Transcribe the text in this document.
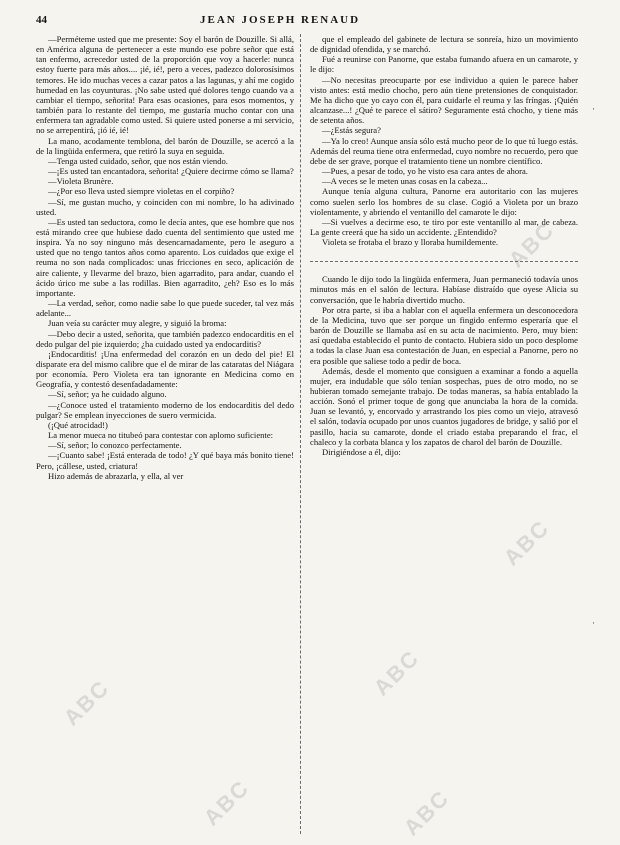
44	JEAN JOSEPH RENAUD

—Perméteme usted que me presente: Soy el barón de Douzille. Si allá, en América alguna de pertenecer a este mundo ese pobre señor que está tan enfermo, acrecedor usted de la proporción que voy a hacerle: nunca estoy fuerte para más años.... ¡ié, ié!, pero a veces, padezco dolorosísimos temores. He ido muchas veces a cazar patos a las lagunas, y ahí me cogido humedad en las coyunturas. ¡No sabe usted qué dolores tengo cuando va a cambiar el tiempo, señorita! Para esas ocasiones, para esos momentos, y también para lo restante del tiempo, me gustaría mucho contar con una enfermera tan agradable como usted. Si quiere usted ponerse a mi servicio, no se arrepentirá, ¡ió ié, ié!

La mano, acodamente temblona, del barón de Douzille, se acercó a la de la lingüida enfermera, que retiró la suya en seguida.

—Tenga usted cuidado, señor, que nos están viendo.

—¡Es usted tan encantadora, señorita! ¿Quiere decirme cómo se llama?

—Violeta Brunère.

—¿Por eso lleva usted siempre violetas en el corpiño?

—Sí, me gustan mucho, y coinciden con mi nombre, lo ha adivinado usted.

—Es usted tan seductora, como le decía antes, que ese hombre que nos está mirando cree que hubiese dado cuenta del sentimiento que usted me inspira. Ya no soy ninguno más desencarnadamente, pero le aseguro a usted que no tengo tantos años como aparento. Los cuidados que exige el reuma no son nada complicados: unas fricciones en seco, aplicación de aire caliente, y llevarme del brazo, bien agarradito, para andar, cuando el ácido úrico me sube a las rodillas. Bien agarradito, ¿eh? Eso es lo más importante.

—La verdad, señor, como nadie sabe lo que puede suceder, tal vez más adelante...

Juan veía su carácter muy alegre, y siguió la broma:

—Debo decir a usted, señorita, que también padezco endocarditis en el dedo pulgar del pie izquierdo; ¿ha cuidado usted ya endocarditis?

¡Endocarditis! ¡Una enfermedad del corazón en un dedo del pie! El disparate era del mismo calibre que el de mirar de las cataratas del Niágara por economía. Pero Violeta era tan ignorante en Medicina como en Geografía, y contestó desenfadadamente:

—Sí, señor; ya he cuidado alguno.

—¿Conoce usted el tratamiento moderno de los endocarditis del dedo pulgar? Se emplean inyecciones de suero vermicida.

(¡Qué atrocidad!)

La menor mueca no titubeó para contestar con aplomo suficiente:

—Sí, señor; lo conozco perfectamente.

—¡Cuanto sabe! ¡Está enterada de todo! ¿Y qué baya más bonito tiene! Pero, ¡cállese, usted, criatura!

Hizo además de abrazarla, y ella, al ver

que el empleado del gabinete de lectura se sonreía, hizo un movimiento de dignidad ofendida, y se marchó.

Fué a reunirse con Panorne, que estaba fumando afuera en un camarote, y le dijo:

—No necesitas preocuparte por ese individuo a quien le parece haber visto antes: está medio chocho, pero aún tiene pretensiones de conquistador. Me ha dicho que yo cayo con él, para cuidarle el reuma y las fríngas. ¡Quién alcanzase...! ¿Qué te parece el sátiro? Seguramente está chocho, y tiene más de setenta años.

—¿Estás segura?

—Ya lo creo! Aunque ansía sólo está mucho peor de lo que tú luego estás. Además del reuma tiene otra enfermedad, cuyo nombre no recuerdo, pero que debe de ser grave, porque el tratamiento tiene un nombre científico.

—Pues, a pesar de todo, yo he visto esa cara antes de ahora.

—A veces se le meten unas cosas en la cabeza...

Aunque tenía alguna cultura, Panorne era autoritario con las mujeres como suelen serlo los hombres de su clase. Cogió a Violeta por un brazo violentamente, y abriendo el ventanillo del camarote le dijo:

—Si vuelves a decirme eso, te tiro por este ventanillo al mar, de cabeza. La gente creerá que ha sido un accidente. ¿Entendido?

Violeta se frotaba el brazo y lloraba humildemente.

Cuando le dijo todo la lingüida enfermera, Juan permaneció todavía unos minutos más en el salón de lectura. Habíase distraído que oyese Alicia su conversación, que le habría divertido mucho.

Por otra parte, si iba a hablar con el aquella enfermera un desconocedora de la Medicina, tuvo que ser porque un fingido enfermo esperaría que el barón de Douzille se llamaba así en su acta de nacimiento. Pero, muy bien: así quedaba establecido el punto de contacto. Hubiera sido un poco desplome a todas la clase Juan esa contestación de Juan, en especial a Panorne, pero no era posible que saliese todo a pedir de boca.

Además, desde el momento que consiguen a examinar a fondo a aquella mujer, era indudable que sólo tenían sospechas, pues de otro modo, no se hubieran tomado semejante trabajo. De todas maneras, sa había entablado la acción. Sonó el primer toque de gong que anunciaba la hora de la comida. Juan se levantó, y, encorvado y arrastrando los pies como un viejo, atravesó el salón, todavía ocupado por unos cuantos jugadores de bridge, y salió por el pasillo, hacia su camarote, donde el criado estaba preparando el frac, el chaleco y la corbata blanca y los zapatos de charol del barón de Douzille.

Dirigiéndose a él, dijo:

·
·
ABC
ABC
ABC
ABC
ABC
ABC
